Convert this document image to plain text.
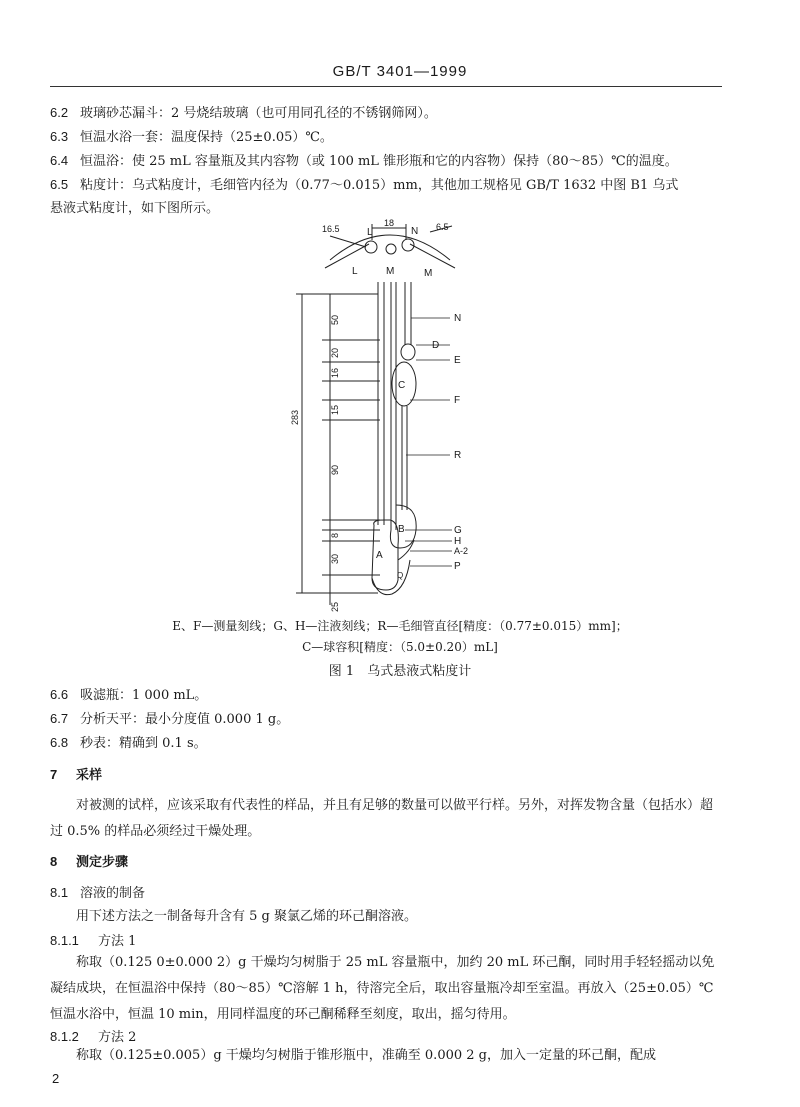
GB/T 3401—1999
6.2 玻璃砂芯漏斗：2 号烧结玻璃（也可用同孔径的不锈钢筛网）。
6.3 恒温水浴一套：温度保持（25±0.05）℃。
6.4 恒温浴：使 25 mL 容量瓶及其内容物（或 100 mL 锥形瓶和它的内容物）保持（80～85）℃的温度。
6.5 粘度计：乌式粘度计，毛细管内径为（0.77～0.015）mm，其他加工规格见 GB/T 1632 中图 B1 乌式
悬液式粘度计，如下图所示。
L	N
L	M	M
N
D
E
C
F
R
B	G
H
A	A-2
P
Q
16.5
18	6.5
283
50
20
16
15
90
8
30
25
E、F—测量刻线；G、H—注液刻线；R—毛细管直径[精度：（0.77±0.015）mm]；
C—球容积[精度：（5.0±0.20）mL]
图 1　乌式悬液式粘度计
6.6 吸滤瓶：1 000 mL。
6.7 分析天平：最小分度值 0.000 1 g。
6.8 秒表：精确到 0.1 s。
7 采样
对被测的试样，应该采取有代表性的样品，并且有足够的数量可以做平行样。另外，对挥发物含量（包括水）超过 0.5% 的样品必须经过干燥处理。
8 测定步骤
8.1 溶液的制备
用下述方法之一制备每升含有 5 g 聚氯乙烯的环己酮溶液。
8.1.1 方法 1
称取（0.125 0±0.000 2）g 干燥均匀树脂于 25 mL 容量瓶中，加约 20 mL 环己酮，同时用手轻轻摇动以免凝结成块，在恒温浴中保持（80～85）℃溶解 1 h，待溶完全后，取出容量瓶冷却至室温。再放入（25±0.05）℃恒温水浴中，恒温 10 min，用同样温度的环己酮稀释至刻度，取出，摇匀待用。
8.1.2 方法 2
称取（0.125±0.005）g 干燥均匀树脂于锥形瓶中，准确至 0.000 2 g，加入一定量的环己酮，配成
2
